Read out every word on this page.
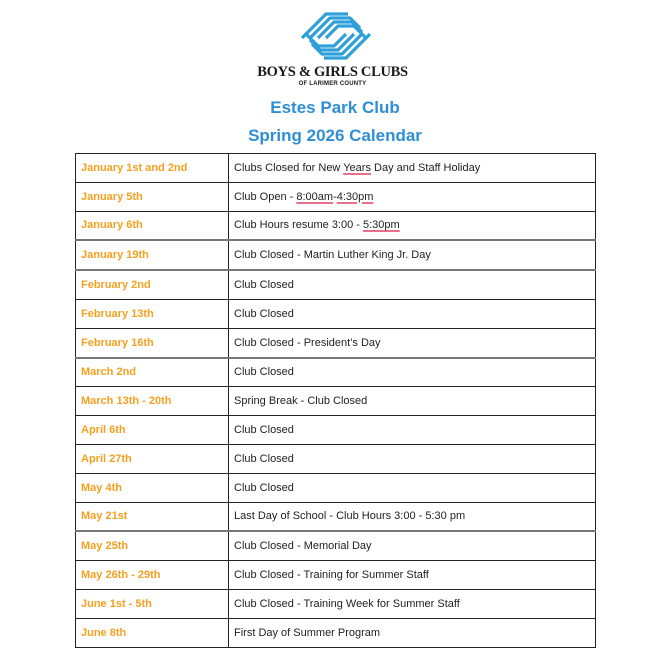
BOYS & GIRLS CLUBS
OF LARIMER COUNTY
Estes Park Club
Spring 2026 Calendar
January 1st and 2nd	Clubs Closed for New Years Day and Staff Holiday
January 5th	Club Open - 8:00am-4:30pm
January 6th	Club Hours resume 3:00 - 5:30pm
January 19th	Club Closed - Martin Luther King Jr. Day
February 2nd	Club Closed
February 13th	Club Closed
February 16th	Club Closed - President’s Day
March 2nd	Club Closed
March 13th - 20th	Spring Break - Club Closed
April 6th	Club Closed
April 27th	Club Closed
May 4th	Club Closed
May 21st	Last Day of School - Club Hours 3:00 - 5:30 pm
May 25th	Club Closed - Memorial Day
May 26th - 29th	Club Closed - Training for Summer Staff
June 1st - 5th	Club Closed - Training Week for Summer Staff
June 8th	First Day of Summer Program
